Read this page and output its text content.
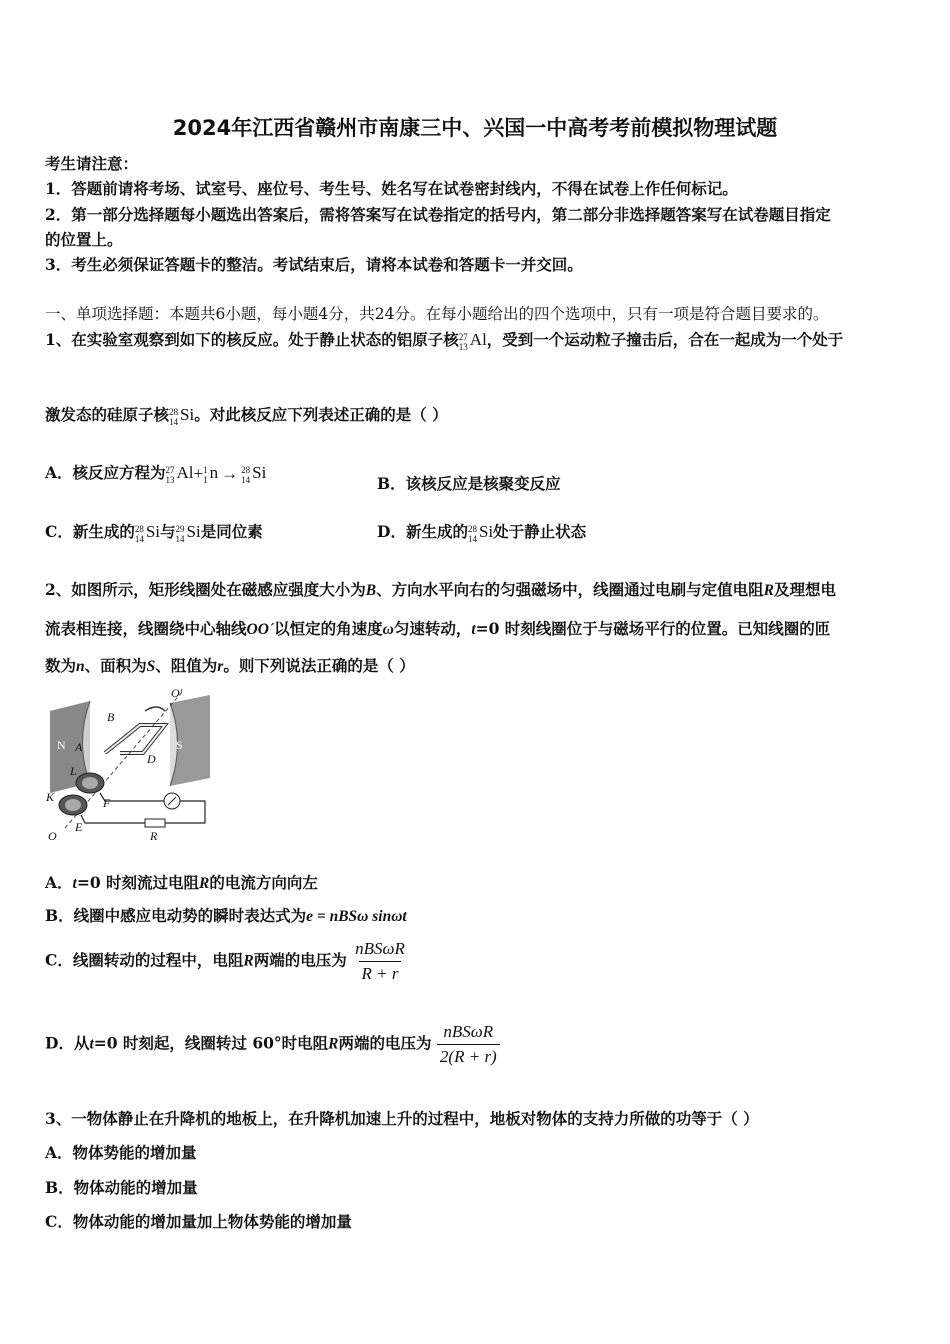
2024年江西省赣州市南康三中、兴国一中高考考前模拟物理试题
考生请注意：
1．答题前请将考场、试室号、座位号、考生号、姓名写在试卷密封线内，不得在试卷上作任何标记。
2．第一部分选择题每小题选出答案后，需将答案写在试卷指定的括号内，第二部分非选择题答案写在试卷题目指定
的位置上。
3．考生必须保证答题卡的整洁。考试结束后，请将本试卷和答题卡一并交回。
一、单项选择题：本题共6小题，每小题4分，共24分。在每小题给出的四个选项中，只有一项是符合题目要求的。
1、在实验室观察到如下的核反应。处于静止状态的铝原子核 27
13 Al，受到一个运动粒子撞击后，合在一起成为一个处于
激发态的硅原子核 28
14 Si。对此核反应下列表述正确的是（ ）
A．核反应方程为 27
13 Al+ 1
1 n → 28
14 Si
B．该核反应是核聚变反应
C．新生成的 28
14 Si与 29
14 Si是同位素	D．新生成的 28
14 Si处于静止状态
2、如图所示，矩形线圈处在磁感应强度大小为B、方向水平向右的匀强磁场中，线圈通过电刷与定值电阻R及理想电
流表相连接，线圈绕中心轴线OO´以恒定的角速度ω匀速转动，t=0 时刻线圈位于与磁场平行的位置。已知线圈的匝
数为n、面积为S、阻值为r。则下列说法正确的是（ ）
O'
B
N	S
A
D
L
K	F
E
R
O
A．t=0 时刻流过电阻R的电流方向向左
B．线圈中感应电动势的瞬时表达式为e = nBSω sinωt
C．线圈转动的过程中，电阻R两端的电压为 $\frac{\text{nBSωR}}{R + r}$
D．从t=0 时刻起，线圈转过 60°时电阻R两端的电压为 $\frac{\text{nBSωR}}{2(R + r)}$
3、一物体静止在升降机的地板上，在升降机加速上升的过程中，地板对物体的支持力所做的功等于（ ）
A．物体势能的增加量
B．物体动能的增加量
C．物体动能的增加量加上物体势能的增加量
